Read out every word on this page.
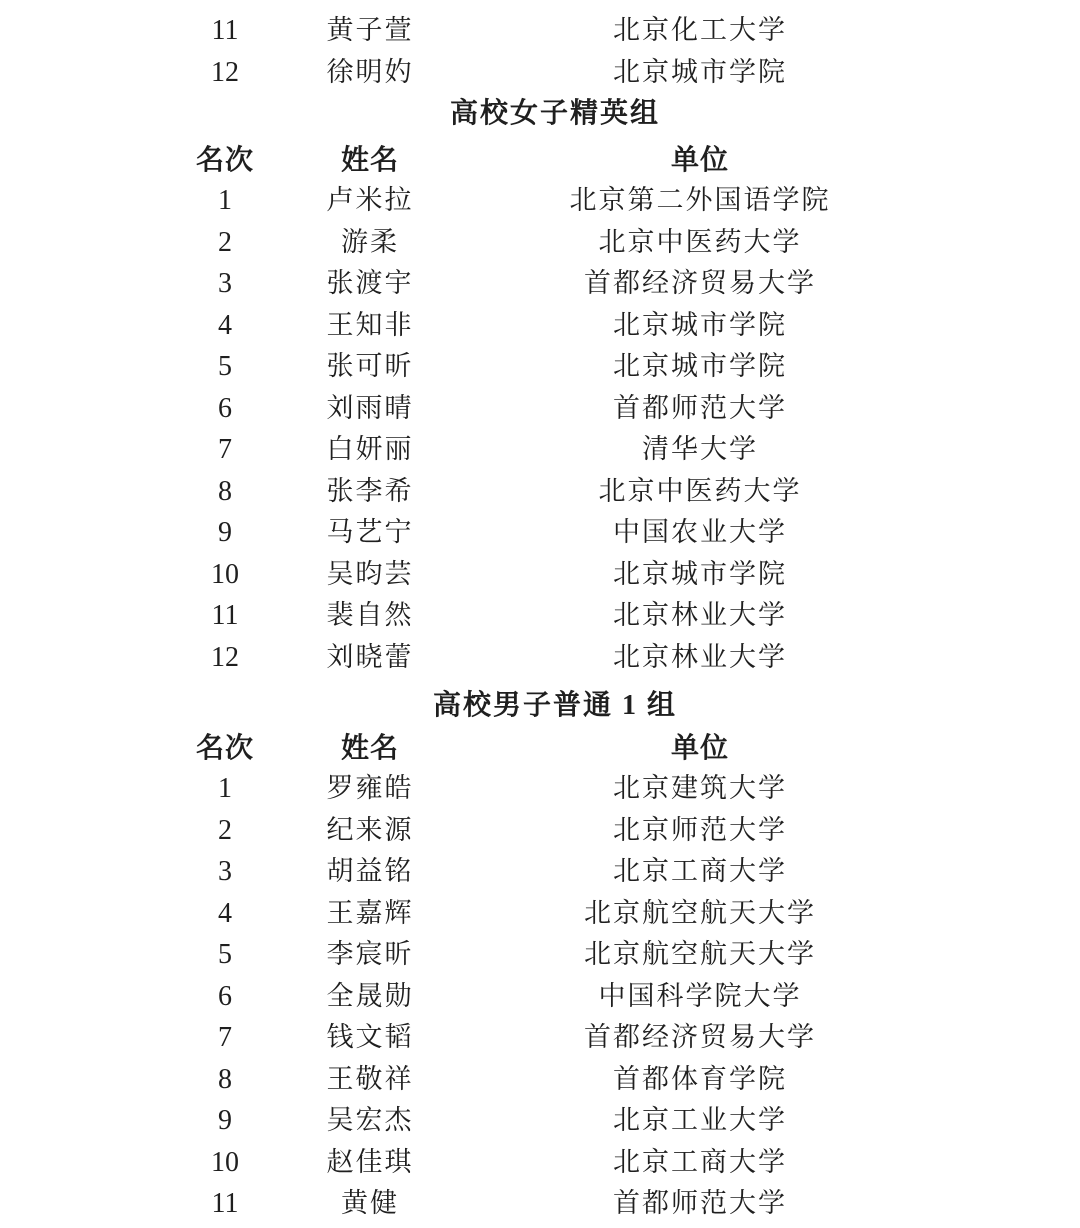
11	黄子萱	北京化工大学
12	徐明妁	北京城市学院
高校女子精英组
名次	姓名	单位
1	卢米拉	北京第二外国语学院
2	游柔	北京中医药大学
3	张渡宇	首都经济贸易大学
4	王知非	北京城市学院
5	张可昕	北京城市学院
6	刘雨晴	首都师范大学
7	白妍丽	清华大学
8	张李希	北京中医药大学
9	马艺宁	中国农业大学
10	吴昀芸	北京城市学院
11	裴自然	北京林业大学
12	刘晓蕾	北京林业大学
高校男子普通 1 组
名次	姓名	单位
1	罗雍皓	北京建筑大学
2	纪来源	北京师范大学
3	胡益铭	北京工商大学
4	王嘉辉	北京航空航天大学
5	李宸昕	北京航空航天大学
6	全晟勋	中国科学院大学
7	钱文韬	首都经济贸易大学
8	王敬祥	首都体育学院
9	吴宏杰	北京工业大学
10	赵佳琪	北京工商大学
11	黄健	首都师范大学
